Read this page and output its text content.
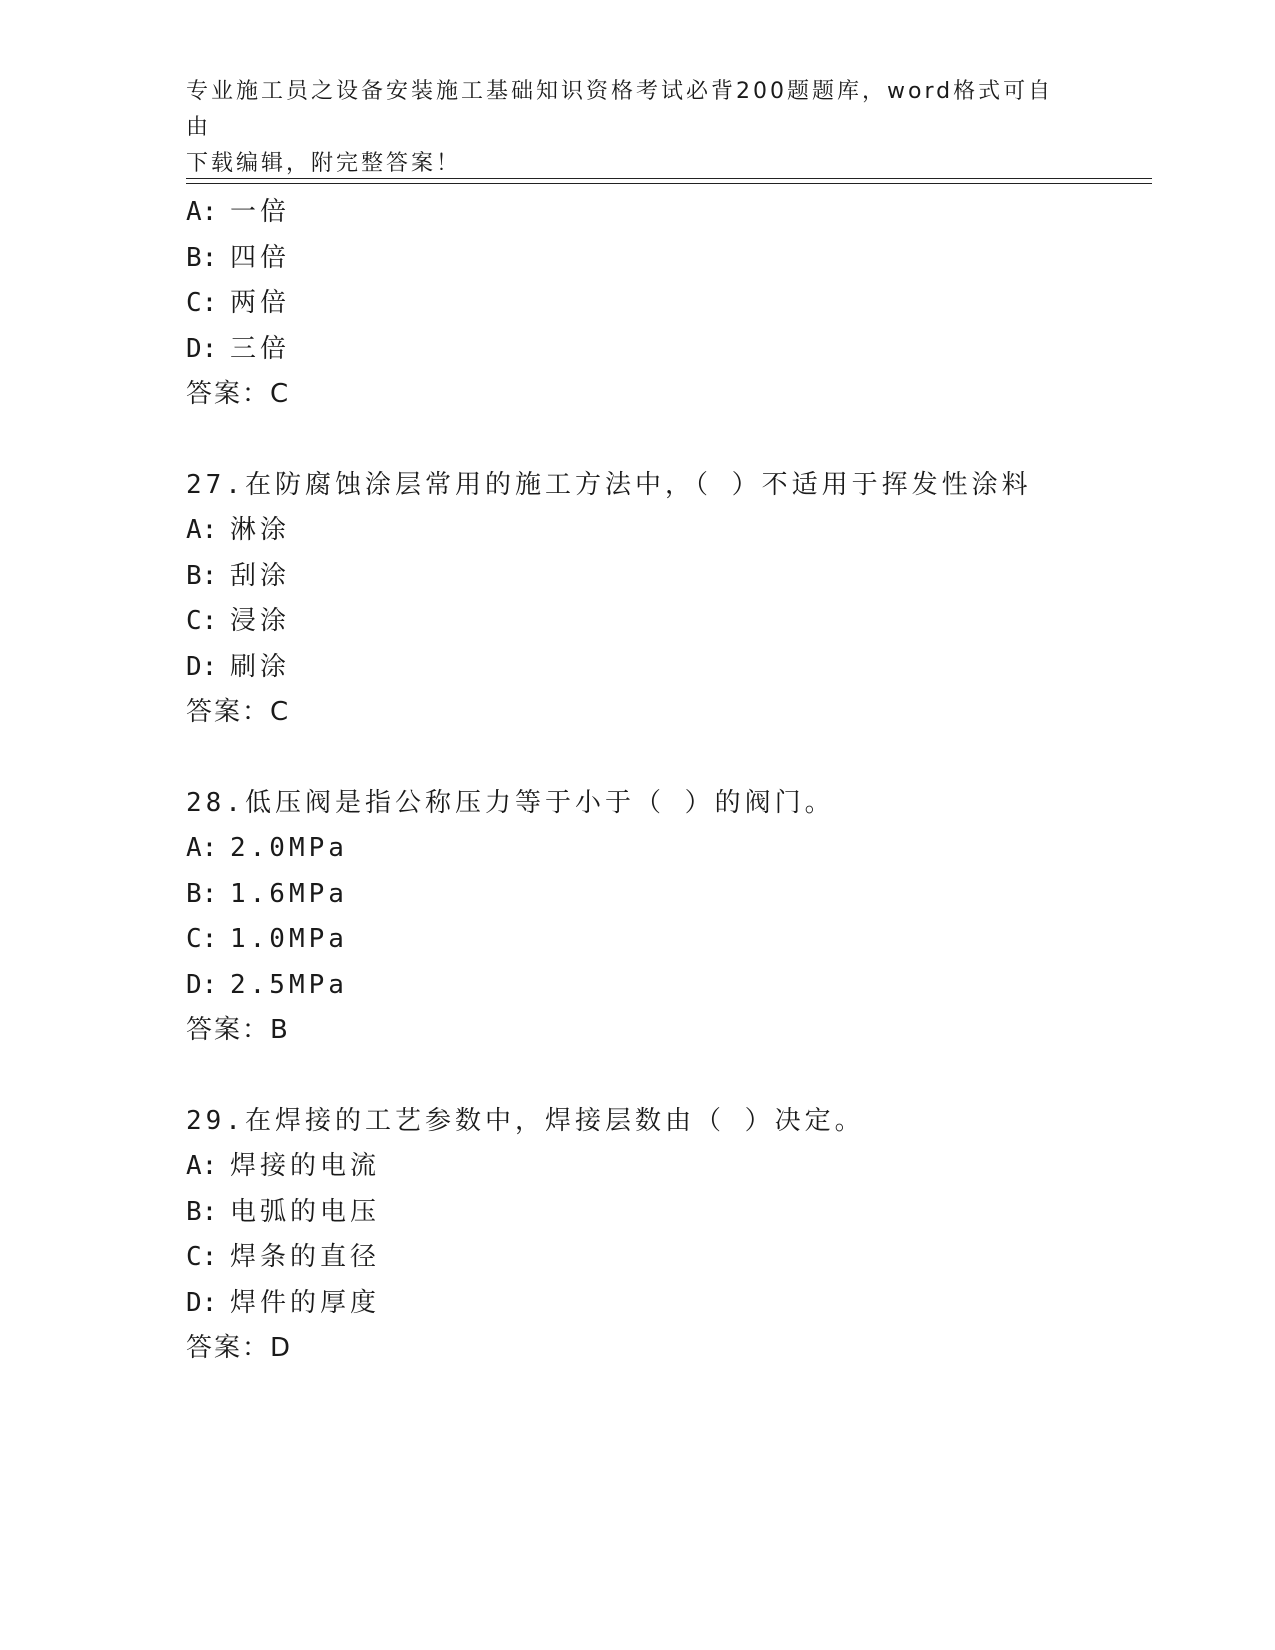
专业施工员之设备安装施工基础知识资格考试必背200题题库，word格式可自由
下载编辑，附完整答案！
A: 一倍
B: 四倍
C: 两倍
D: 三倍
答案：C
27.在防腐蚀涂层常用的施工方法中，（ ）不适用于挥发性涂料
A: 淋涂
B: 刮涂
C: 浸涂
D: 刷涂
答案：C
28.低压阀是指公称压力等于小于（ ）的阀门。
A: 2.0MPa
B: 1.6MPa
C: 1.0MPa
D: 2.5MPa
答案：B
29.在焊接的工艺参数中，焊接层数由（ ）决定。
A: 焊接的电流
B: 电弧的电压
C: 焊条的直径
D: 焊件的厚度
答案：D
